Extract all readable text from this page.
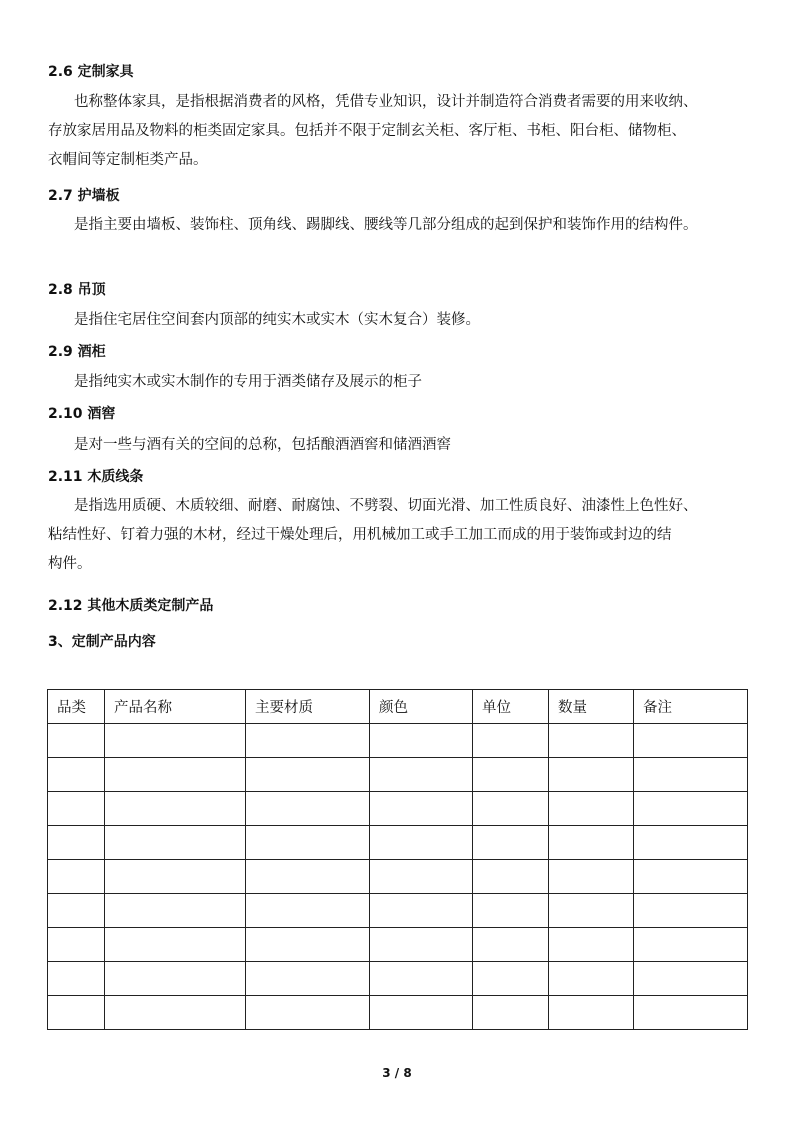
2.6 定制家具
也称整体家具，是指根据消费者的风格，凭借专业知识，设计并制造符合消费者需要的用来收纳、
存放家居用品及物料的柜类固定家具。包括并不限于定制玄关柜、客厅柜、书柜、阳台柜、储物柜、
衣帽间等定制柜类产品。
2.7 护墙板
是指主要由墙板、装饰柱、顶角线、踢脚线、腰线等几部分组成的起到保护和装饰作用的结构件。
2.8 吊顶
是指住宅居住空间套内顶部的纯实木或实木（实木复合）装修。
2.9 酒柜
是指纯实木或实木制作的专用于酒类储存及展示的柜子
2.10 酒窖
是对一些与酒有关的空间的总称，包括酿酒酒窖和储酒酒窖
2.11 木质线条
是指选用质硬、木质较细、耐磨、耐腐蚀、不劈裂、切面光滑、加工性质良好、油漆性上色性好、
粘结性好、钉着力强的木材，经过干燥处理后，用机械加工或手工加工而成的用于装饰或封边的结
构件。
2.12 其他木质类定制产品
3、定制产品内容
品类	产品名称	主要材质	颜色	单位	数量	备注

3 / 8
